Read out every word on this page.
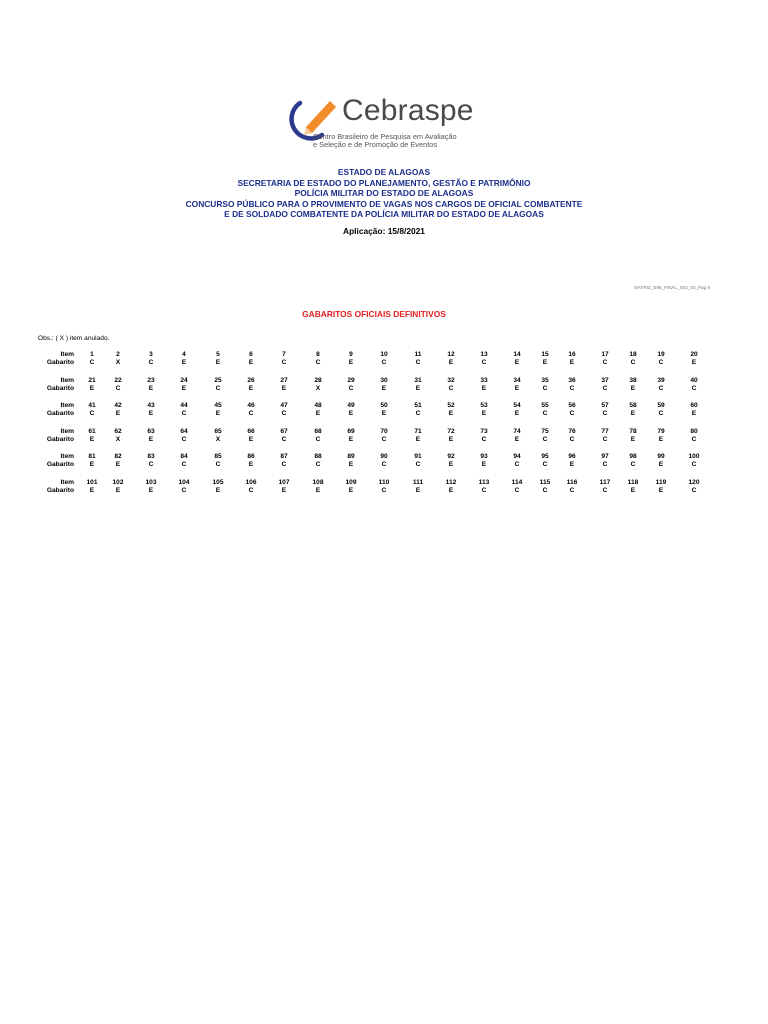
Cebraspe
Centro Brasileiro de Pesquisa em Avaliação
e Seleção e de Promoção de Eventos
ESTADO DE ALAGOAS
SECRETARIA DE ESTADO DO PLANEJAMENTO, GESTÃO E PATRIMÔNIO
POLÍCIA MILITAR DO ESTADO DE ALAGOAS
CONCURSO PÚBLICO PARA O PROVIMENTO DE VAGAS NOS CARGOS DE OFICIAL COMBATENTE
E DE SOLDADO COMBATENTE DA POLÍCIA MILITAR DO ESTADO DE ALAGOAS
Aplicação: 15/8/2021
MATRIZ_S96_FINAL_S02_00_Pag 5
GABARITOS OFICIAIS DEFINITIVOS
Obs.: ( X ) item anulado.
Item
Gabarito
1
C
2
X
3
C
4
E
5
E
6
E
7
C
8
C
9
E
10
C
11
C
12
E
13
C
14
E
15
E
16
E
17
C
18
C
19
C
20
E
Item
Gabarito
21
E
22
C
23
E
24
E
25
C
26
E
27
E
28
X
29
C
30
E
31
E
32
C
33
E
34
E
35
C
36
C
37
C
38
E
39
C
40
C
Item
Gabarito
41
C
42
E
43
E
44
C
45
E
46
C
47
C
48
E
49
E
50
E
51
C
52
E
53
E
54
E
55
C
56
C
57
C
58
E
59
C
60
E
Item
Gabarito
61
E
62
X
63
E
64
C
65
X
66
E
67
C
68
C
69
E
70
C
71
E
72
E
73
C
74
E
75
C
76
C
77
C
78
E
79
E
80
C
Item
Gabarito
81
E
82
E
83
C
84
C
85
C
86
E
87
C
88
C
89
E
90
C
91
C
92
E
93
E
94
C
95
C
96
E
97
C
98
C
99
E
100
C
Item
Gabarito
101
E
102
E
103
E
104
C
105
E
106
C
107
E
108
E
109
E
110
C
111
E
112
E
113
C
114
C
115
C
116
C
117
C
118
E
119
E
120
C
